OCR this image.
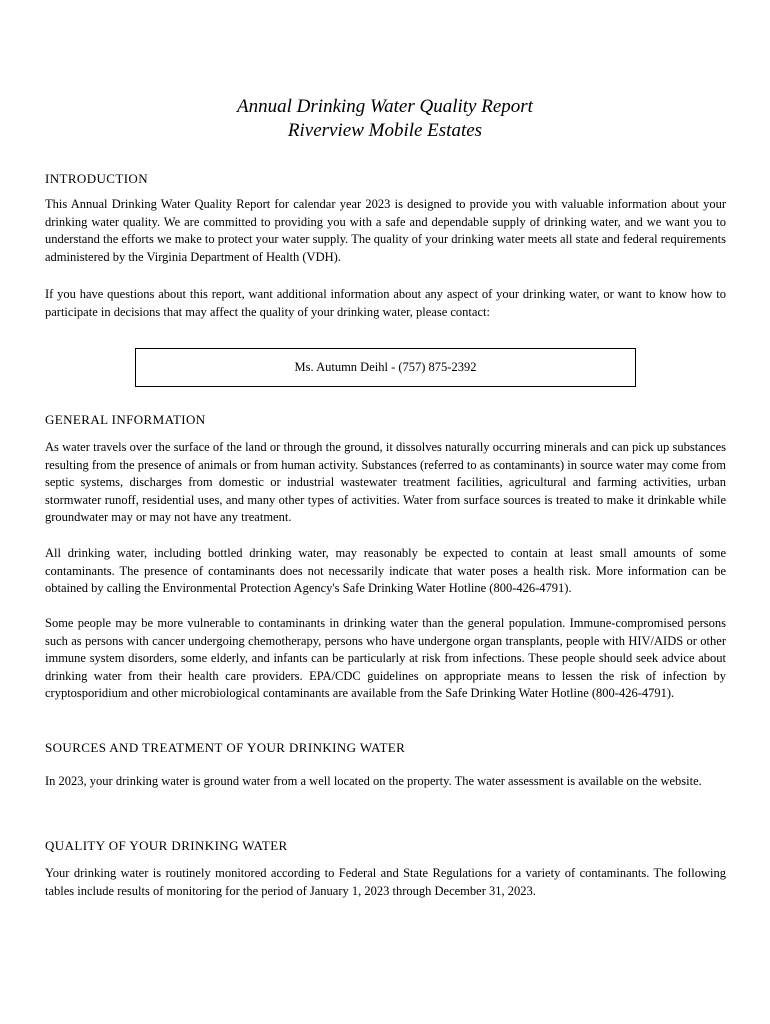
Annual Drinking Water Quality Report
Riverview Mobile Estates
INTRODUCTION
This Annual Drinking Water Quality Report for calendar year 2023 is designed to provide you with valuable information about your drinking water quality. We are committed to providing you with a safe and dependable supply of drinking water, and we want you to understand the efforts we make to protect your water supply. The quality of your drinking water meets all state and federal requirements administered by the Virginia Department of Health (VDH).
If you have questions about this report, want additional information about any aspect of your drinking water, or want to know how to participate in decisions that may affect the quality of your drinking water, please contact:
Ms. Autumn Deihl - (757) 875-2392
GENERAL INFORMATION
As water travels over the surface of the land or through the ground, it dissolves naturally occurring minerals and can pick up substances resulting from the presence of animals or from human activity. Substances (referred to as contaminants) in source water may come from septic systems, discharges from domestic or industrial wastewater treatment facilities, agricultural and farming activities, urban stormwater runoff, residential uses, and many other types of activities. Water from surface sources is treated to make it drinkable while groundwater may or may not have any treatment.
All drinking water, including bottled drinking water, may reasonably be expected to contain at least small amounts of some contaminants. The presence of contaminants does not necessarily indicate that water poses a health risk. More information can be obtained by calling the Environmental Protection Agency's Safe Drinking Water Hotline (800-426-4791).
Some people may be more vulnerable to contaminants in drinking water than the general population. Immune-compromised persons such as persons with cancer undergoing chemotherapy, persons who have undergone organ transplants, people with HIV/AIDS or other immune system disorders, some elderly, and infants can be particularly at risk from infections. These people should seek advice about drinking water from their health care providers. EPA/CDC guidelines on appropriate means to lessen the risk of infection by cryptosporidium and other microbiological contaminants are available from the Safe Drinking Water Hotline (800-426-4791).
SOURCES AND TREATMENT OF YOUR DRINKING WATER
In 2023, your drinking water is ground water from a well located on the property. The water assessment is available on the website.
QUALITY OF YOUR DRINKING WATER
Your drinking water is routinely monitored according to Federal and State Regulations for a variety of contaminants. The following tables include results of monitoring for the period of January 1, 2023 through December 31, 2023.
